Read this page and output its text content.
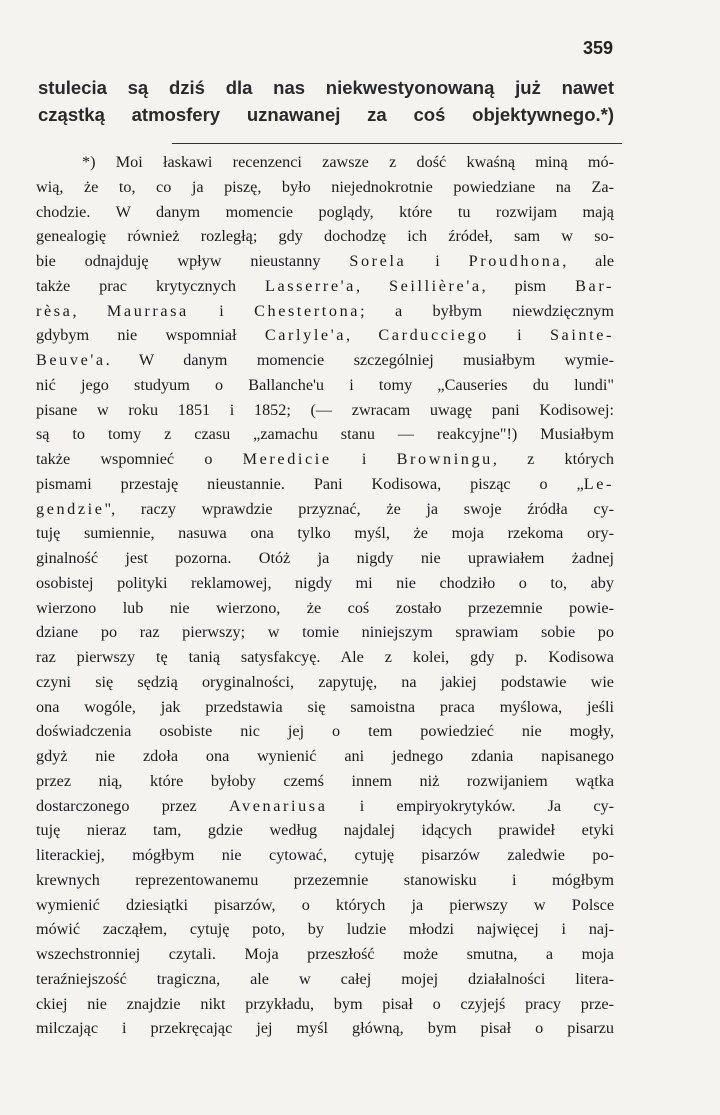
359
stulecia są dziś dla nas niekwestyonowaną już nawet
cząstką atmosfery uznawanej za coś objektywnego.*)
*) Moi łaskawi recenzenci zawsze z dość kwaśną miną mó-
wią, że to, co ja piszę, było niejednokrotnie powiedziane na Za-
chodzie. W danym momencie poglądy, które tu rozwijam mają
genealogię również rozległą; gdy dochodzę ich źródeł, sam w so-
bie odnajduję wpływ nieustanny Sorela i Proudhona, ale
także prac krytycznych Lasserre'a, Seillière'a, pism Bar-
rèsa, Maurrasa i Chestertona; a byłbym niewdzięcznym
gdybym nie wspomniał Carlyle'a, Carducciego i Sainte-
Beuve'a. W danym momencie szczególniej musiałbym wymie-
nić jego studyum o Ballanche'u i tomy „Causeries du lundi"
pisane w roku 1851 i 1852; (— zwracam uwagę pani Kodisowej:
są to tomy z czasu „zamachu stanu — reakcyjne"!) Musiałbym
także wspomnieć o Meredicie i Browningu, z których
pismami przestaję nieustannie. Pani Kodisowa, pisząc o „Le-
gendzie", raczy wprawdzie przyznać, że ja swoje źródła cy-
tuję sumiennie, nasuwa ona tylko myśl, że moja rzekoma ory-
ginalność jest pozorna. Otóż ja nigdy nie uprawiałem żadnej
osobistej polityki reklamowej, nigdy mi nie chodziło o to, aby
wierzono lub nie wierzono, że coś zostało przezemnie powie-
dziane po raz pierwszy; w tomie niniejszym sprawiam sobie po
raz pierwszy tę tanią satysfakcyę. Ale z kolei, gdy p. Kodisowa
czyni się sędzią oryginalności, zapytuję, na jakiej podstawie wie
ona wogóle, jak przedstawia się samoistna praca myślowa, jeśli
doświadczenia osobiste nic jej o tem powiedzieć nie mogły,
gdyż nie zdoła ona wynienić ani jednego zdania napisanego
przez nią, które byłoby czemś innem niż rozwijaniem wątka
dostarczonego przez Avenariusa i empiryokrytyków. Ja cy-
tuję nieraz tam, gdzie według najdalej idących prawideł etyki
literackiej, mógłbym nie cytować, cytuję pisarzów zaledwie po-
krewnych reprezentowanemu przezemnie stanowisku i mógłbym
wymienić dziesiątki pisarzów, o których ja pierwszy w Polsce
mówić zacząłem, cytuję poto, by ludzie młodzi najwięcej i naj-
wszechstronniej czytali. Moja przeszłość może smutna, a moja
teraźniejszość tragiczna, ale w całej mojej działalności litera-
ckiej nie znajdzie nikt przykładu, bym pisał o czyjejś pracy prze-
milczając i przekręcając jej myśl główną, bym pisał o pisarzu
